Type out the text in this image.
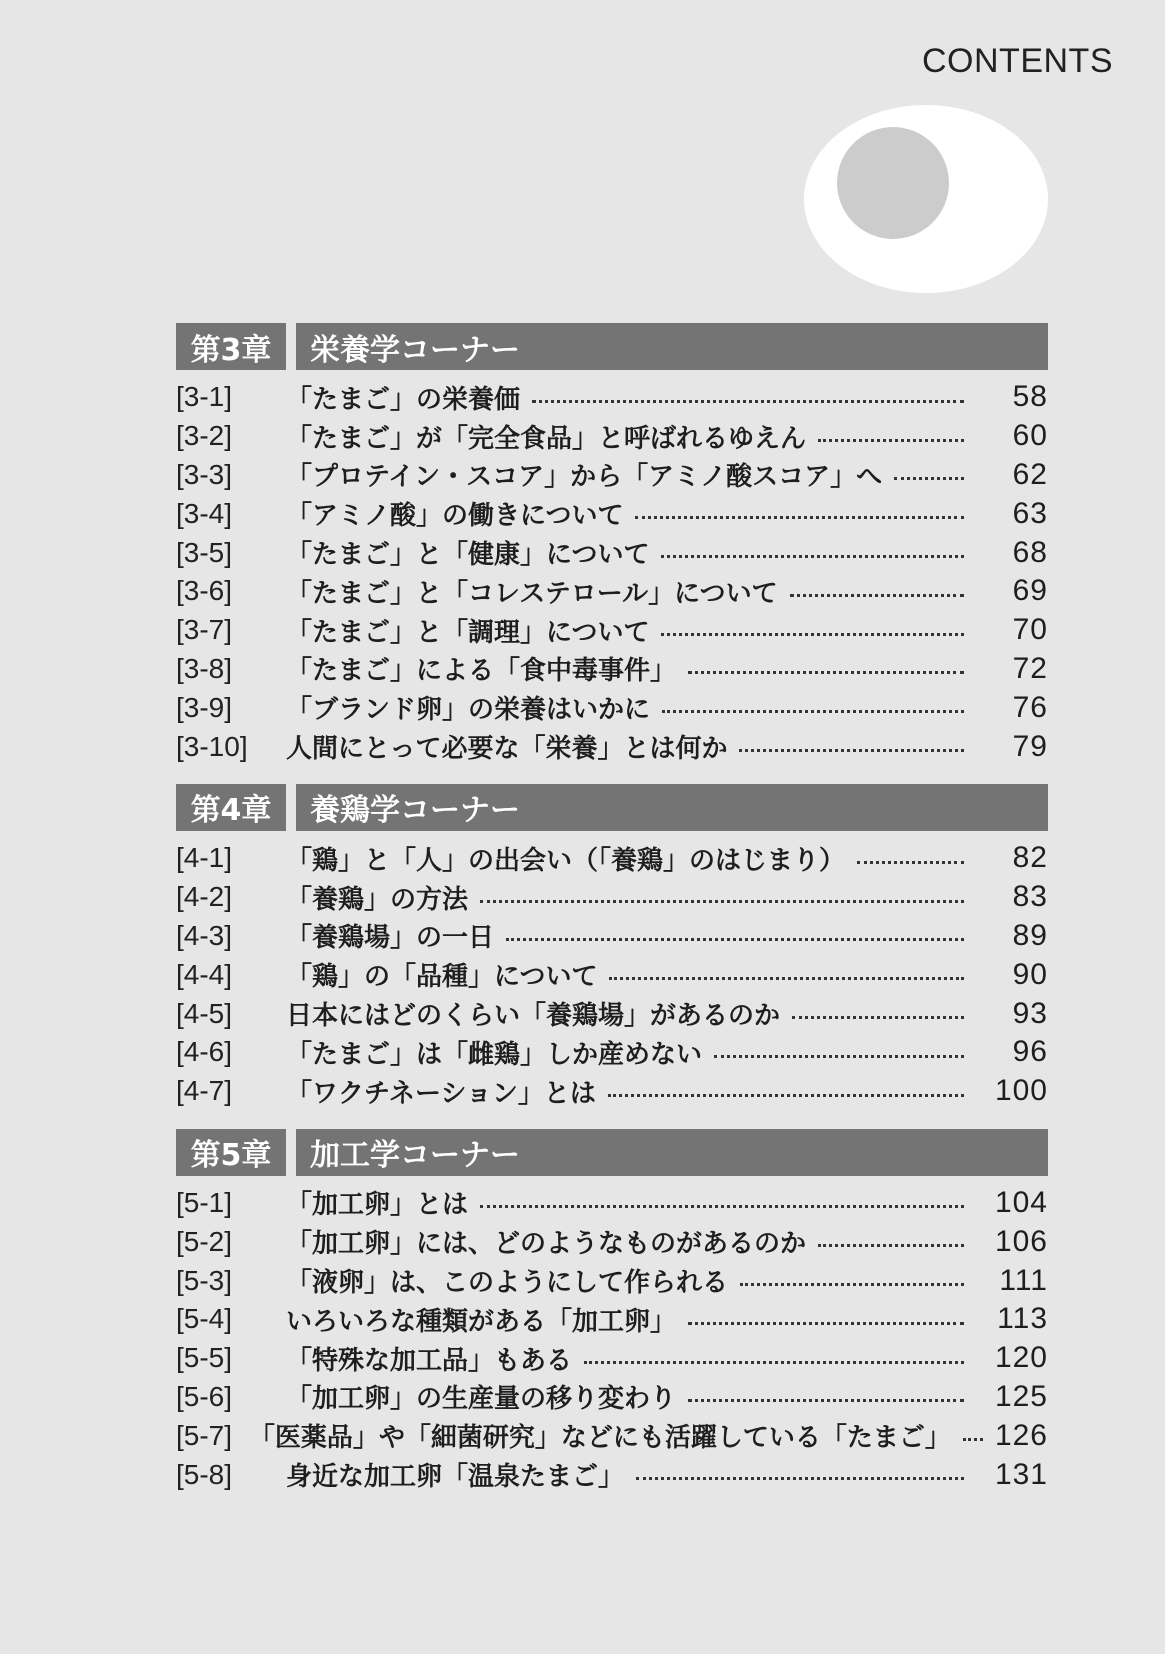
CONTENTS
第3章	栄養学コーナー
[3-1]	「たまご」の栄養価	58
[3-2]	「たまご」が「完全食品」と呼ばれるゆえん	60
[3-3]	「プロテイン・スコア」から「アミノ酸スコア」へ	62
[3-4]	「アミノ酸」の働きについて	63
[3-5]	「たまご」と「健康」について	68
[3-6]	「たまご」と「コレステロール」について	69
[3-7]	「たまご」と「調理」について	70
[3-8]	「たまご」による「食中毒事件」	72
[3-9]	「ブランド卵」の栄養はいかに	76
[3-10]	人間にとって必要な「栄養」とは何か	79
第4章	養鶏学コーナー
[4-1]	「鶏」と「人」の出会い（「養鶏」のはじまり）	82
[4-2]	「養鶏」の方法	83
[4-3]	「養鶏場」の一日	89
[4-4]	「鶏」の「品種」について	90
[4-5]	日本にはどのくらい「養鶏場」があるのか	93
[4-6]	「たまご」は「雌鶏」しか産めない	96
[4-7]	「ワクチネーション」とは	100
第5章	加工学コーナー
[5-1]	「加工卵」とは	104
[5-2]	「加工卵」には、どのようなものがあるのか	106
[5-3]	「液卵」は、このようにして作られる	111
[5-4]	いろいろな種類がある「加工卵」	113
[5-5]	「特殊な加工品」もある	120
[5-6]	「加工卵」の生産量の移り変わり	125
[5-7] 「医薬品」や「細菌研究」などにも活躍している「たまご」 126
[5-8]	身近な加工卵「温泉たまご」	131
